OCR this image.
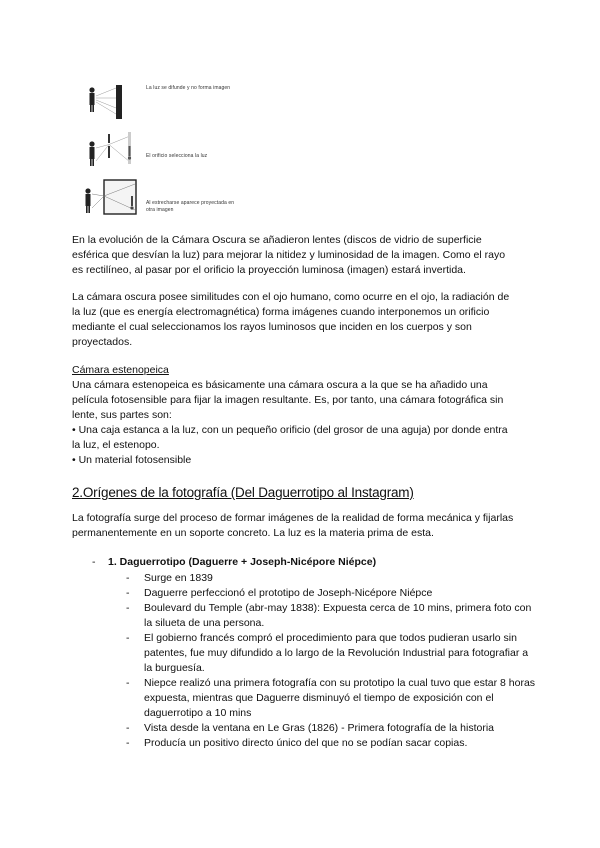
La luz se difunde y no forma imagen
El orificio selecciona la luz
Al estrecharse aparece proyectada en otra imagen

En la evolución de la Cámara Oscura se añadieron lentes (discos de vidrio de superficie esférica que desvían la luz) para mejorar la nitidez y luminosidad de la imagen. Como el rayo es rectilíneo, al pasar por el orificio la proyección luminosa (imagen) estará invertida.

La cámara oscura posee similitudes con el ojo humano, como ocurre en el ojo, la radiación de la luz (que es energía electromagnética) forma imágenes cuando interponemos un orificio mediante el cual seleccionamos los rayos luminosos que inciden en los cuerpos y son proyectados.

Cámara estenopeica

Una cámara estenopeica es básicamente una cámara oscura a la que se ha añadido una película fotosensible para fijar la imagen resultante. Es, por tanto, una cámara fotográfica sin lente, sus partes son:

• Una caja estanca a la luz, con un pequeño orificio (del grosor de una aguja) por donde entra la luz, el estenopo.

• Un material fotosensible

2.Orígenes de la fotografía (Del Daguerrotipo al Instagram)

La fotografía surge del proceso de formar imágenes de la realidad de forma mecánica y fijarlas permanentemente en un soporte concreto. La luz es la materia prima de esta.

- 1. Daguerrotipo (Daguerre + Joseph-Nicépore Niépce)
- Surge en 1839
- Daguerre perfeccionó el prototipo de Joseph-Nicépore Niépce
- Boulevard du Temple (abr-may 1838): Expuesta cerca de 10 mins, primera foto con la silueta de una persona.
- El gobierno francés compró el procedimiento para que todos pudieran usarlo sin patentes, fue muy difundido a lo largo de la Revolución Industrial para fotografiar a la burguesía.
- Niepce realizó una primera fotografía con su prototipo la cual tuvo que estar 8 horas expuesta, mientras que Daguerre disminuyó el tiempo de exposición con el daguerrotipo a 10 mins
- Vista desde la ventana en Le Gras (1826) - Primera fotografía de la historia
- Producía un positivo directo único del que no se podían sacar copias.
